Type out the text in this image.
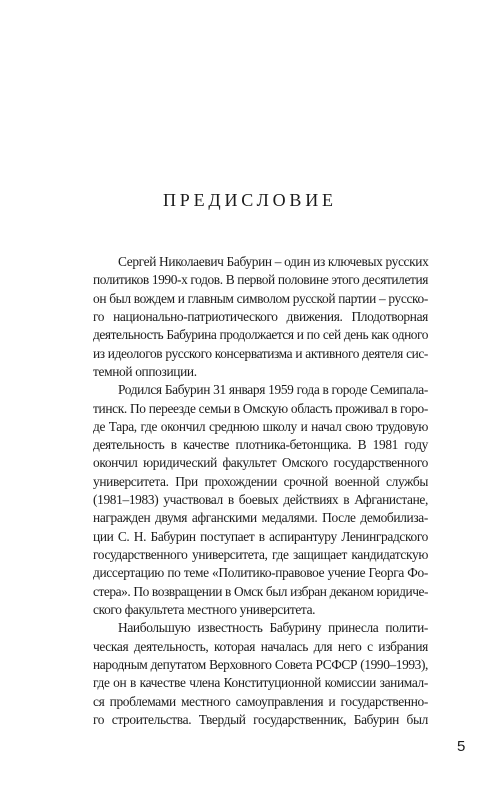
ПРЕДИСЛОВИЕ
Сергей Николаевич Бабурин – один из ключевых русских
политиков 1990-х годов. В первой половине этого десятилетия
он был вождем и главным символом русской партии – русско-
го национально-патриотического движения. Плодотворная
деятельность Бабурина продолжается и по сей день как одного
из идеологов русского консерватизма и активного деятеля сис-
темной оппозиции.
Родился Бабурин 31 января 1959 года в городе Семипала-
тинск. По переезде семьи в Омскую область проживал в горо-
де Тара, где окончил среднюю школу и начал свою трудовую
деятельность в качестве плотника-бетонщика. В 1981 году
окончил юридический факультет Омского государственного
университета. При прохождении срочной военной службы
(1981–1983) участвовал в боевых действиях в Афганистане,
награжден двумя афганскими медалями. После демобилиза-
ции С. Н. Бабурин поступает в аспирантуру Ленинградского
государственного университета, где защищает кандидатскую
диссертацию по теме «Политико-правовое учение Георга Фо-
стера». По возвращении в Омск был избран деканом юридиче-
ского факультета местного университета.
Наибольшую известность Бабурину принесла полити-
ческая деятельность, которая началась для него с избрания
народным депутатом Верховного Совета РСФСР (1990–1993),
где он в качестве члена Конституционной комиссии занимал-
ся проблемами местного самоуправления и государственно-
го строительства. Твердый государственник, Бабурин был
5
